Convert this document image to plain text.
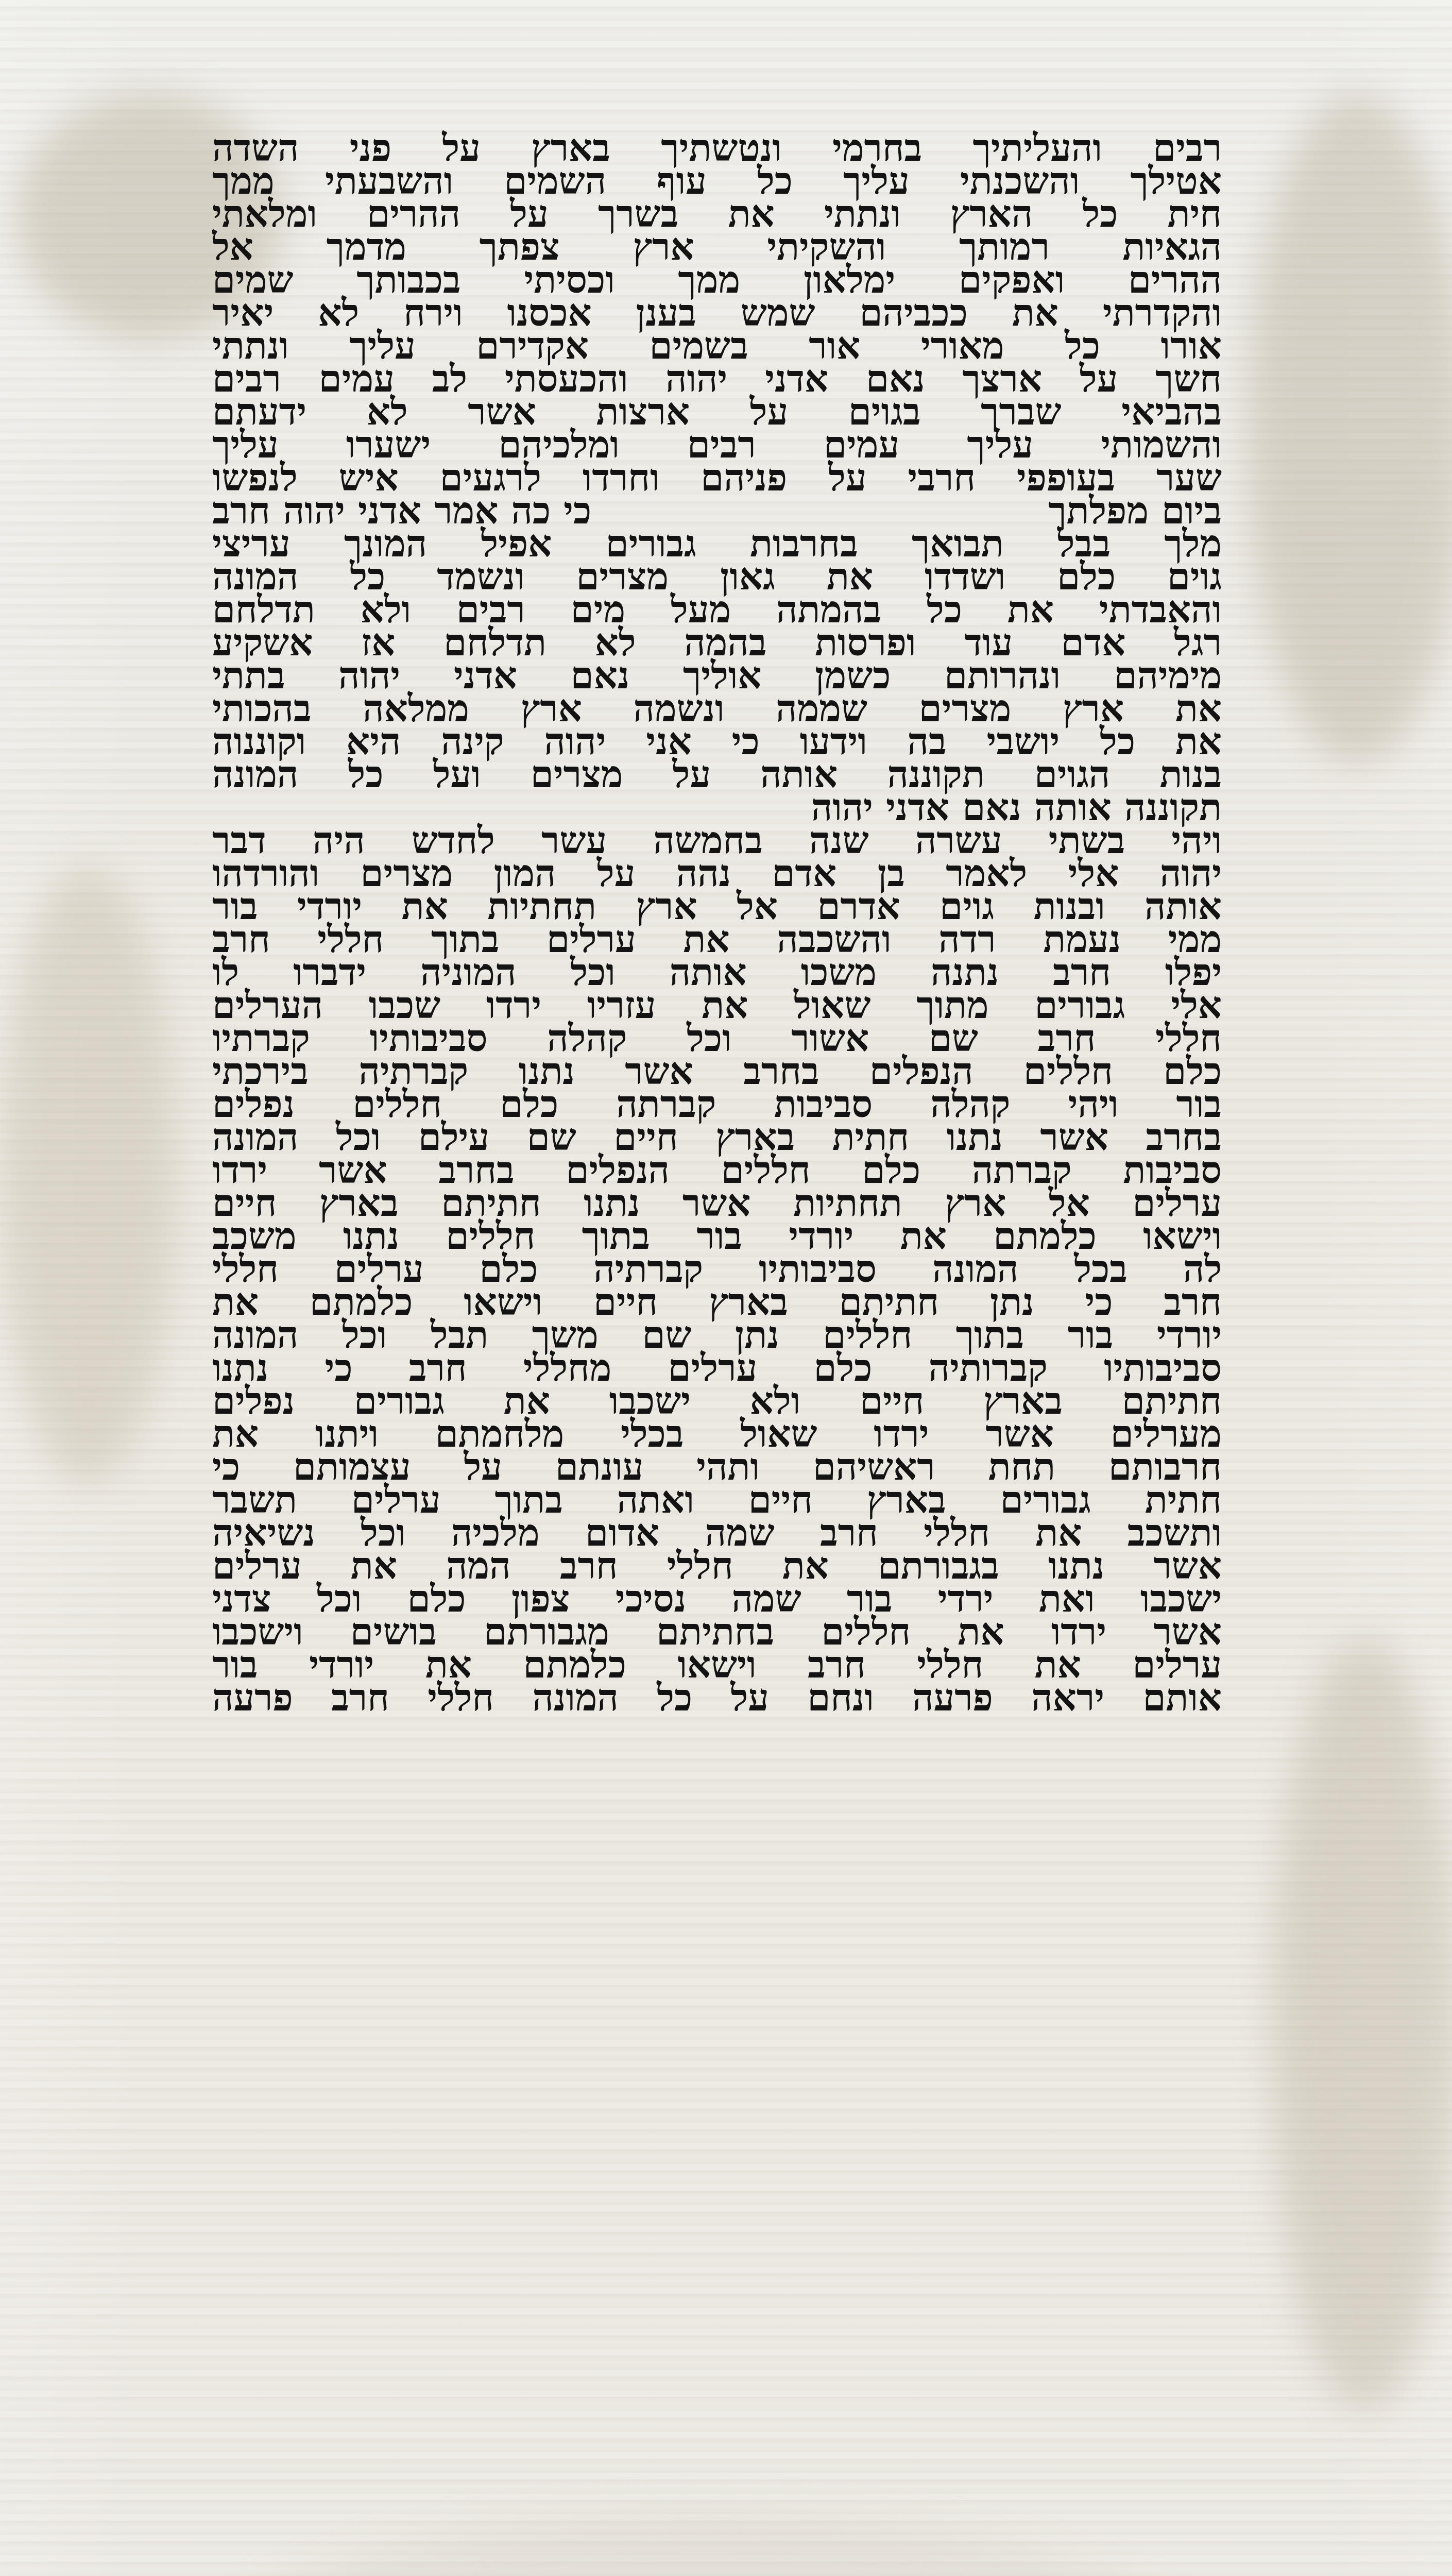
רבים והעליתיך בחרמי ונטשתיך בארץ על פני השדה
אטילך והשכנתי עליך כל עוף השמים והשבעתי ממך
חית כל הארץ ונתתי את בשרך על ההרים ומלאתי
הגאיות רמותך והשקיתי ארץ צפתך מדמך אל
ההרים ואפקים ימלאון ממך וכסיתי בכבותך שמים
והקדרתי את ככביהם שמש בענן אכסנו וירח לא יאיר
אורו כל מאורי אור בשמים אקדירם עליך ונתתי
חשך על ארצך נאם אדני יהוה והכעסתי לב עמים רבים
בהביאי שברך בגוים על ארצות אשר לא ידעתם
והשמותי עליך עמים רבים ומלכיהם ישערו עליך
שער בעופפי חרבי על פניהם וחרדו לרגעים איש לנפשו
ביום מפלתך
כי כה אמר אדני יהוה חרב
מלך בבל תבואך בחרבות גבורים אפיל המונך עריצי
גוים כלם ושדדו את גאון מצרים ונשמד כל המונה
והאבדתי את כל בהמתה מעל מים רבים ולא תדלחם
רגל אדם עוד ופרסות בהמה לא תדלחם אז אשקיע
מימיהם ונהרותם כשמן אוליך נאם אדני יהוה בתתי
את ארץ מצרים שממה ונשמה ארץ ממלאה בהכותי
את כל יושבי בה וידעו כי אני יהוה קינה היא וקוננוה
בנות הגוים תקוננה אותה על מצרים ועל כל המונה
תקוננה אותה נאם אדני יהוה
ויהי בשתי עשרה שנה בחמשה עשר לחדש היה דבר
יהוה אלי לאמר בן אדם נהה על המון מצרים והורדהו
אותה ובנות גוים אדרם אל ארץ תחתיות את יורדי בור
ממי נעמת רדה והשכבה את ערלים בתוך חללי חרב
יפלו חרב נתנה משכו אותה וכל המוניה ידברו לו
אלי גבורים מתוך שאול את עזריו ירדו שכבו הערלים
חללי חרב שם אשור וכל קהלה סביבותיו קברתיו
כלם חללים הנפלים בחרב אשר נתנו קברתיה בירכתי
בור ויהי קהלה סביבות קברתה כלם חללים נפלים
בחרב אשר נתנו חתית בארץ חיים שם עילם וכל המונה
סביבות קברתה כלם חללים הנפלים בחרב אשר ירדו
ערלים אל ארץ תחתיות אשר נתנו חתיתם בארץ חיים
וישאו כלמתם את יורדי בור בתוך חללים נתנו משכב
לה בכל המונה סביבותיו קברתיה כלם ערלים חללי
חרב כי נתן חתיתם בארץ חיים וישאו כלמתם את
יורדי בור בתוך חללים נתן שם משך תבל וכל המונה
סביבותיו קברותיה כלם ערלים מחללי חרב כי נתנו
חתיתם בארץ חיים ולא ישכבו את גבורים נפלים
מערלים אשר ירדו שאול בכלי מלחמתם ויתנו את
חרבותם תחת ראשיהם ותהי עונתם על עצמותם כי
חתית גבורים בארץ חיים ואתה בתוך ערלים תשבר
ותשכב את חללי חרב שמה אדום מלכיה וכל נשיאיה
אשר נתנו בגבורתם את חללי חרב המה את ערלים
ישכבו ואת ירדי בור שמה נסיכי צפון כלם וכל צדני
אשר ירדו את חללים בחתיתם מגבורתם בושים וישכבו
ערלים את חללי חרב וישאו כלמתם את יורדי בור
אותם יראה פרעה ונחם על כל המונה חללי חרב פרעה
